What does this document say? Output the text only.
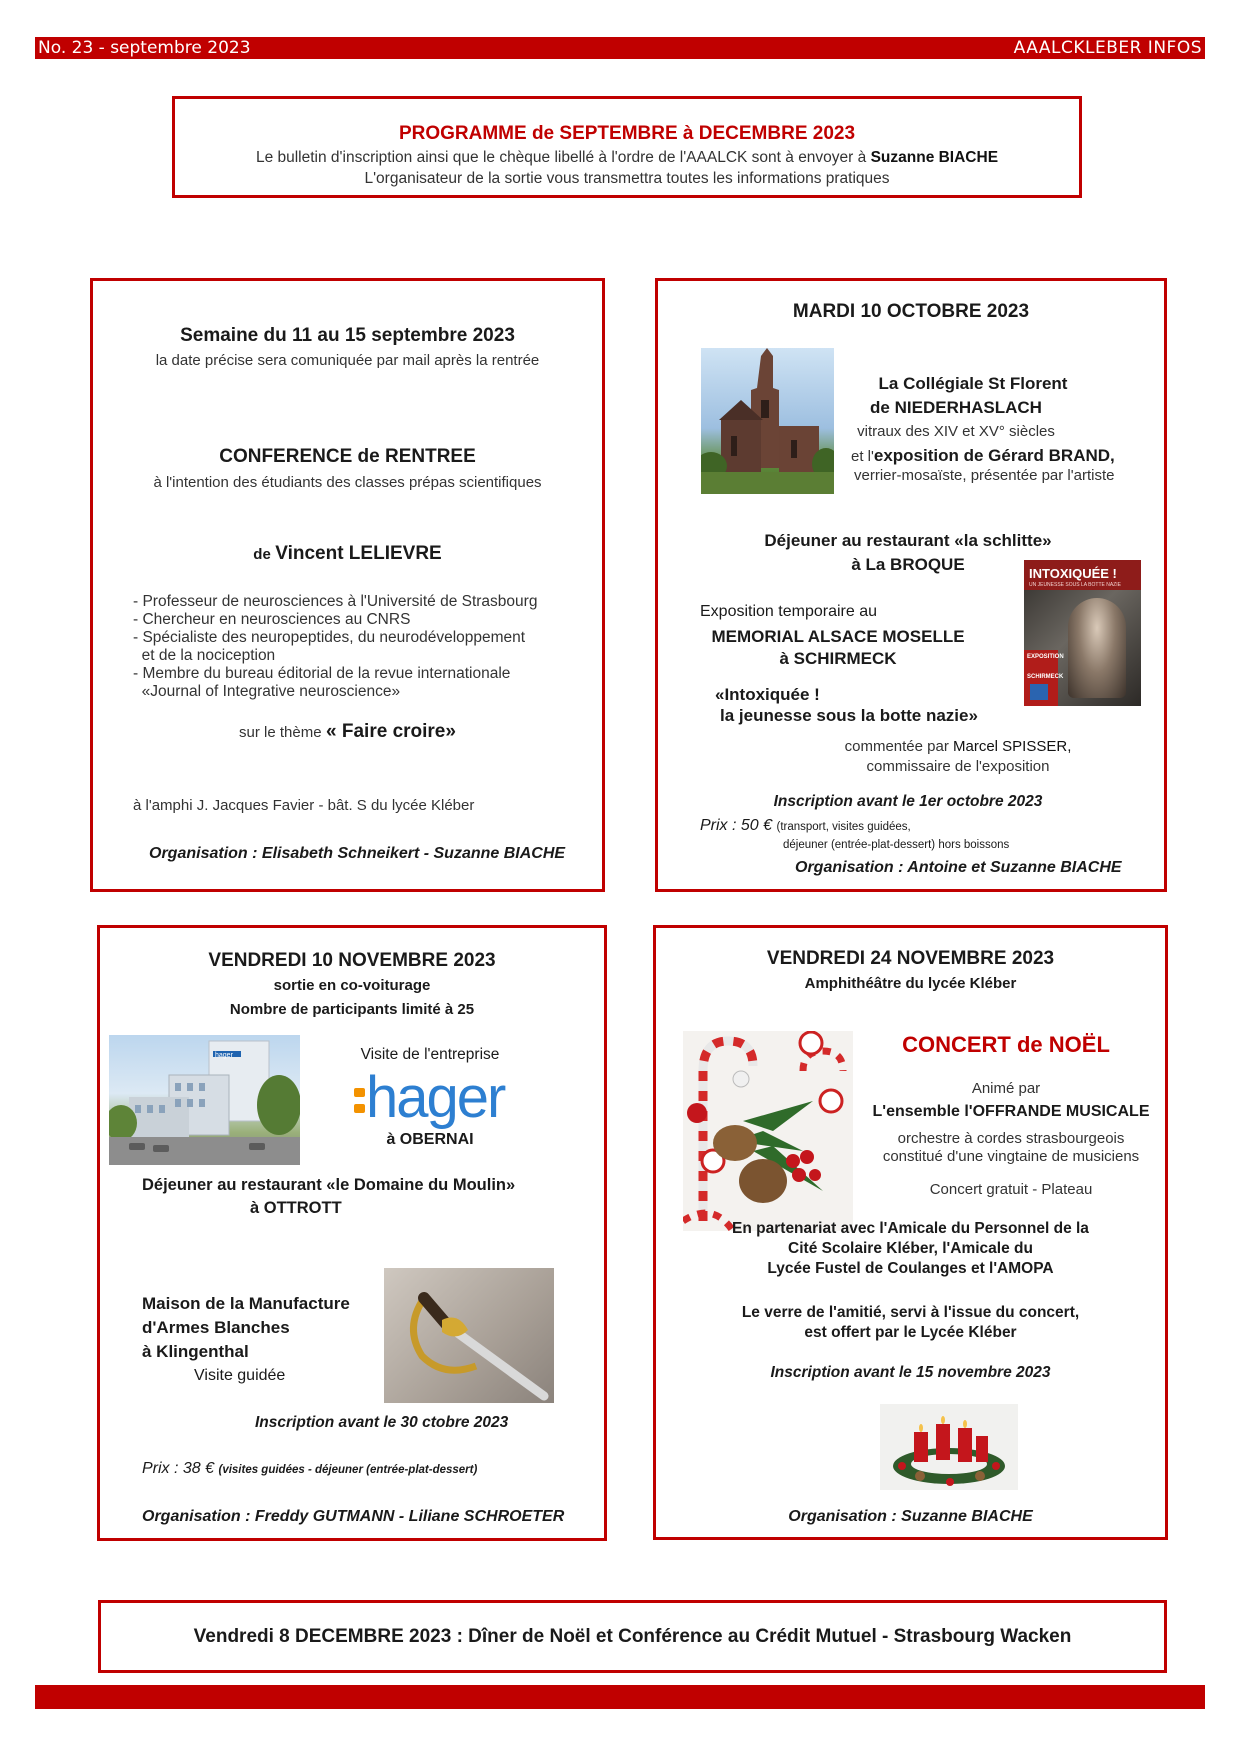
No. 23 - septembre 2023	AAALCKLEBER INFOS
PROGRAMME de SEPTEMBRE à DECEMBRE 2023
Le bulletin d'inscription ainsi que le chèque libellé à l'ordre de l'AAALCK sont à envoyer à Suzanne BIACHE
L'organisateur de la sortie vous transmettra toutes les informations pratiques
Semaine du 11 au 15 septembre 2023
la date précise sera comuniquée par mail après la rentrée
CONFERENCE de RENTREE
à l'intention des étudiants des classes prépas scientifiques
de Vincent LELIEVRE
- Professeur de neurosciences à l'Université de Strasbourg
- Chercheur en neurosciences au CNRS
- Spécialiste des neuropeptides, du neurodéveloppement
et de la nociception
- Membre du bureau éditorial de la revue internationale
«Journal of Integrative neuroscience»
sur le thème « Faire croire»
à l'amphi J. Jacques Favier - bât. S du lycée Kléber
Organisation : Elisabeth Schneikert - Suzanne BIACHE
MARDI 10 OCTOBRE 2023
La Collégiale St Florent
de NIEDERHASLACH
vitraux des XIV et XV° siècles
et l'exposition de Gérard BRAND,
verrier-mosaïste, présentée par l'artiste
Déjeuner au restaurant «la schlitte»
à La BROQUE	INTOXIQUÉE !
UN JEUNESSE SOUS LA BOTTE NAZIE
EXPOSITION
SCHIRMECK
Exposition temporaire au
MEMORIAL ALSACE MOSELLE
à SCHIRMECK
«Intoxiquée !
la jeunesse sous la botte nazie»
commentée par Marcel SPISSER,
commissaire de l'exposition
Inscription avant le 1er octobre 2023
Prix : 50 € (transport, visites guidées,
déjeuner (entrée-plat-dessert) hors boissons
Organisation : Antoine et Suzanne BIACHE
VENDREDI 10 NOVEMBRE 2023
sortie en co-voiturage
Nombre de participants limité à 25
hager	Visite de l'entreprise
hager
à OBERNAI
Déjeuner au restaurant «le Domaine du Moulin»
à OTTROTT
Maison de la Manufacture
d'Armes Blanches
à Klingenthal
Visite guidée
Inscription avant le 30 ctobre 2023
Prix : 38 € (visites guidées - déjeuner (entrée-plat-dessert)
Organisation : Freddy GUTMANN - Liliane SCHROETER
VENDREDI 24 NOVEMBRE 2023
Amphithéâtre du lycée Kléber
CONCERT de NOËL
Animé par
L'ensemble l'OFFRANDE MUSICALE
orchestre à cordes strasbourgeois
constitué d'une vingtaine de musiciens
Concert gratuit - Plateau
En partenariat avec l'Amicale du Personnel de la
Cité Scolaire Kléber, l'Amicale du
Lycée Fustel de Coulanges et l'AMOPA
Le verre de l'amitié, servi à l'issue du concert,
est offert par le Lycée Kléber
Inscription avant le 15 novembre 2023
Organisation : Suzanne BIACHE
Vendredi 8 DECEMBRE 2023 : Dîner de Noël et Conférence au Crédit Mutuel - Strasbourg Wacken
